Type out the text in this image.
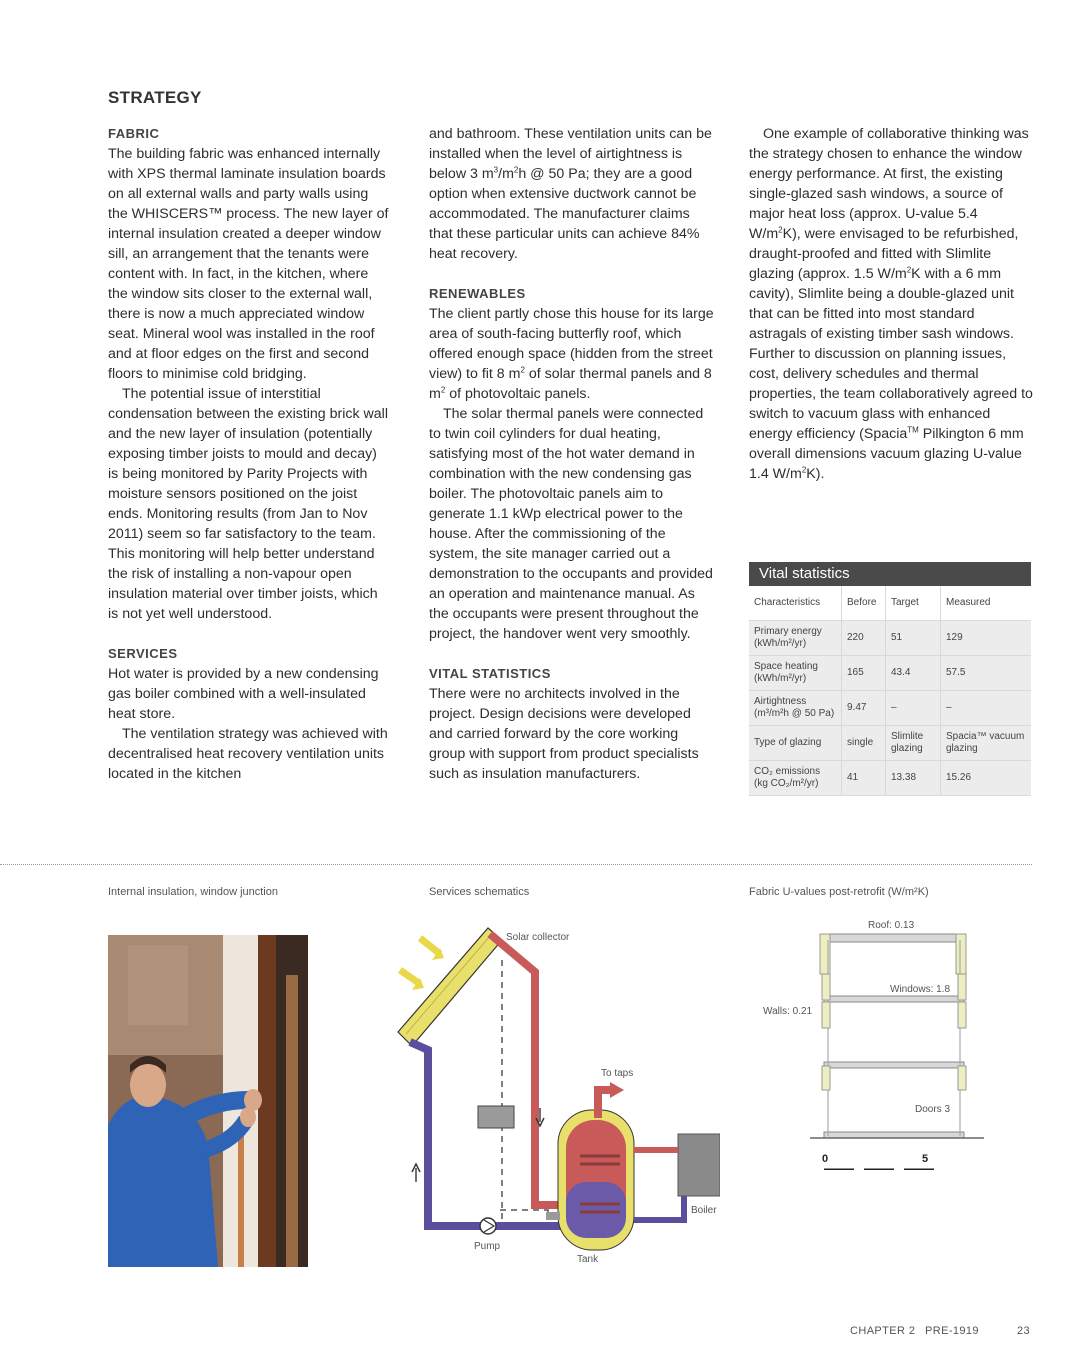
STRATEGY

FABRIC

The building fabric was enhanced internally with XPS thermal laminate insulation boards on all external walls and party walls using the WHISCERS™ process. The new layer of internal insulation created a deeper window sill, an arrangement that the tenants were content with. In fact, in the kitchen, where the window sits closer to the external wall, there is now a much appreciated window seat. Mineral wool was installed in the roof and at floor edges on the first and second floors to minimise cold bridging.

The potential issue of interstitial condensation between the existing brick wall and the new layer of insulation (potentially exposing timber joists to mould and decay) is being monitored by Parity Projects with moisture sensors positioned on the joist ends. Monitoring results (from Jan to Nov 2011) seem so far satisfactory to the team. This monitoring will help better understand the risk of installing a non-vapour open insulation material over timber joists, which is not yet well understood.

SERVICES

Hot water is provided by a new condensing gas boiler combined with a well-insulated heat store.

The ventilation strategy was achieved with decentralised heat recovery ventilation units located in the kitchen

and bathroom. These ventilation units can be installed when the level of airtightness is below 3 $m^3/m^2h$ @ 50 Pa; they are a good option when extensive ductwork cannot be accommodated. The manufacturer claims that these particular units can achieve 84% heat recovery.

RENEWABLES

The client partly chose this house for its large area of south-facing butterfly roof, which offered enough space (hidden from the street view) to fit 8 $m^2$ of solar thermal panels and 8 $m^2$ of photovoltaic panels.

The solar thermal panels were connected to twin coil cylinders for dual heating, satisfying most of the hot water demand in combination with the new condensing gas boiler. The photovoltaic panels aim to generate 1.1 kWp electrical power to the house. After the commissioning of the system, the site manager carried out a demonstration to the occupants and provided an operation and maintenance manual. As the occupants were present throughout the project, the handover went very smoothly.

VITAL STATISTICS

There were no architects involved in the project. Design decisions were developed and carried forward by the core working group with support from product specialists such as insulation manufacturers.

One example of collaborative thinking was the strategy chosen to enhance the window energy performance. At first, the existing single-glazed sash windows, a source of major heat loss (approx. U-value 5.4 $W/m^2K$), were envisaged to be refurbished, draught-proofed and fitted with Slimlite glazing (approx. 1.5 $W/m^2K$ with a 6 mm cavity), Slimlite being a double-glazed unit that can be fitted into most standard astragals of existing timber sash windows. Further to discussion on planning issues, cost, delivery schedules and thermal properties, the team collaboratively agreed to switch to vacuum glass with enhanced energy efficiency (Spacia™ Pilkington 6 mm overall dimensions vacuum glazing U-value 1.4 $W/m^2K$).

Vital statistics
Characteristics	Before	Target	Measured
Primary energy
(kWh/m²/yr)	220	51	129
Space heating
(kWh/m²/yr)	165	43.4	57.5
Airtightness
(m³/m²h @ 50 Pa)	9.47	–	–
Type of glazing	single	Slimlite glazing	Spacia™ vacuum glazing
CO₂ emissions
(kg CO₂/m²/yr)	41	13.38	15.26
Internal insulation, window junction	Services schematics	Fabric U-values post-retrofit (W/m²K)
Solar collector
To taps
Boiler
Pump
Tank
Roof: 0.13
Windows: 1.8
Walls: 0.21
Doors 3
0	5
CHAPTER 2 PRE-1919	23
